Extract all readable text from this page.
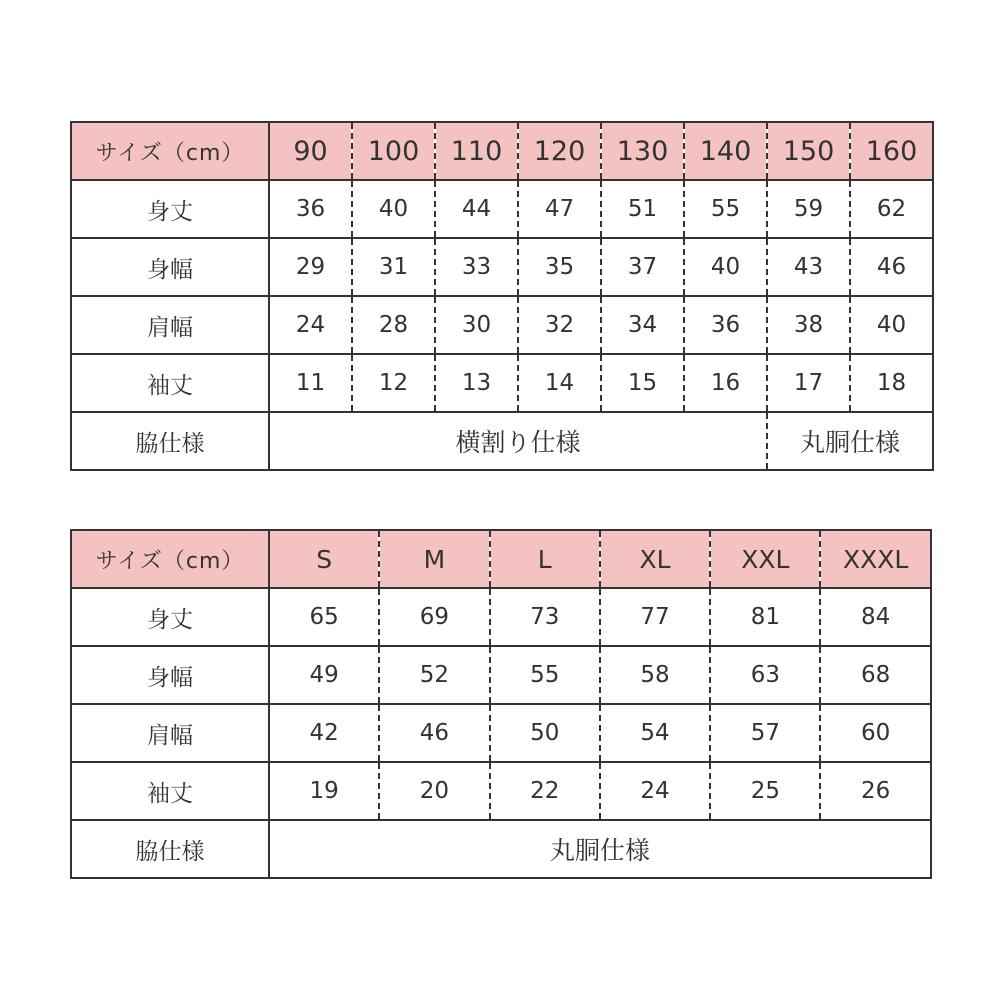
サイズ（cm）	90	100	110	120	130	140	150	160
身丈	36	40	44	47	51	55	59	62
身幅	29	31	33	35	37	40	43	46
肩幅	24	28	30	32	34	36	38	40
袖丈	11	12	13	14	15	16	17	18
脇仕様	横割り仕様						丸胴仕様	
サイズ（cm）	S	M	L	XL	XXL	XXXL
身丈	65	69	73	77	81	84
身幅	49	52	55	58	63	68
肩幅	42	46	50	54	57	60
袖丈	19	20	22	24	25	26
脇仕様	丸胴仕様					
